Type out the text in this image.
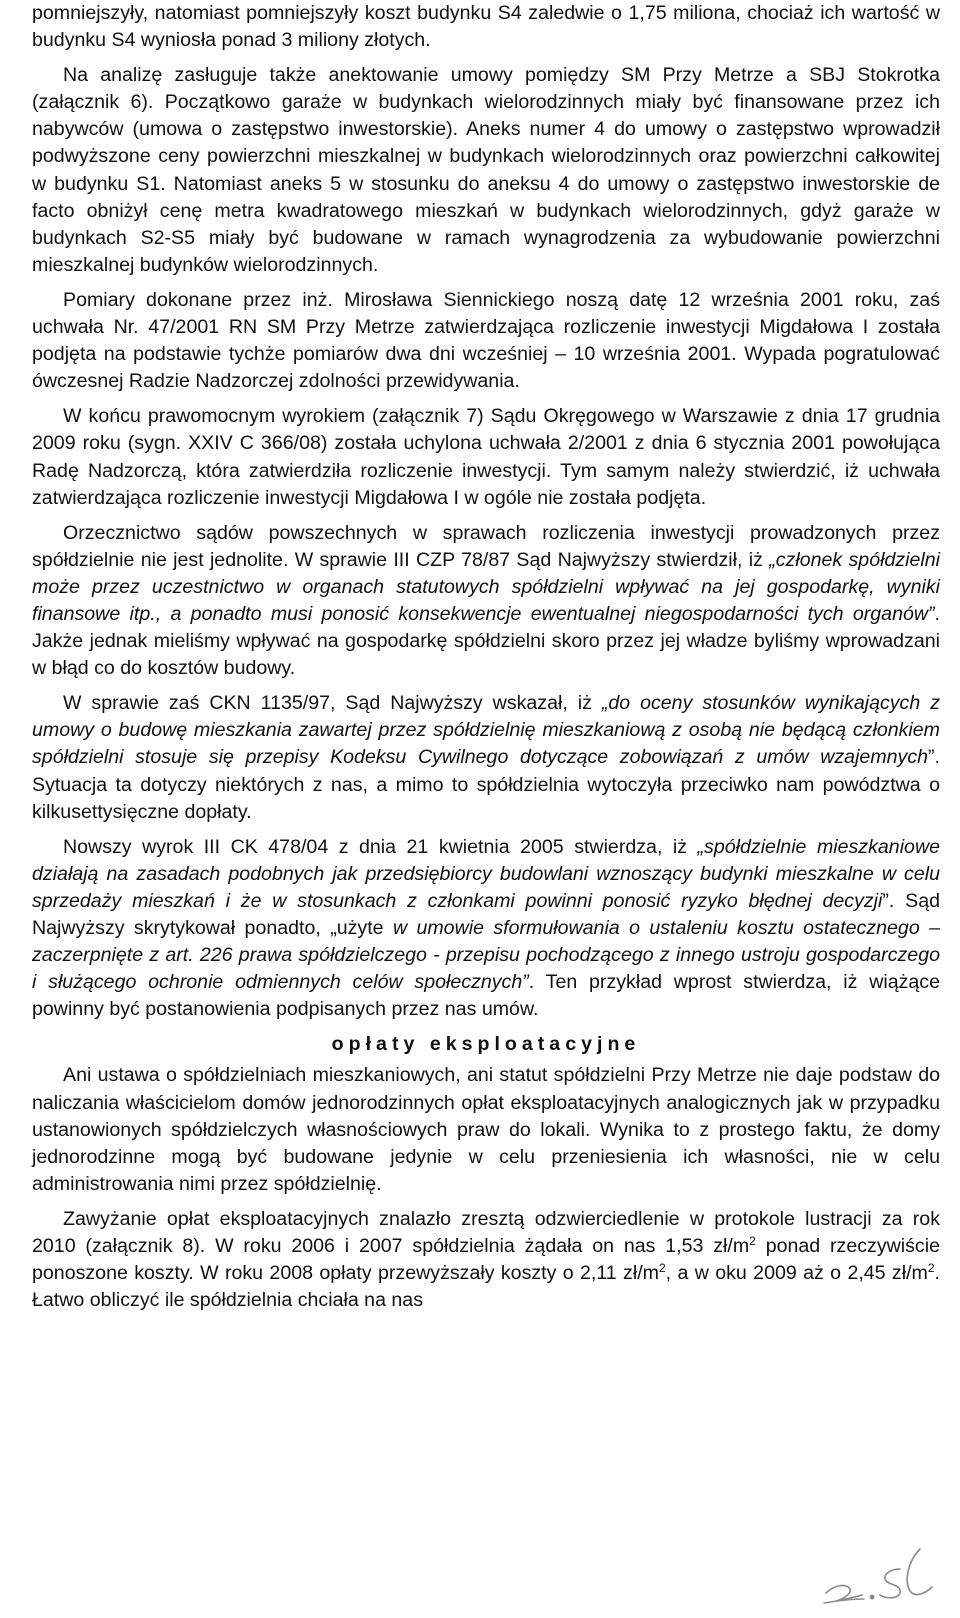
pomniejszyły, natomiast pomniejszyły koszt budynku S4 zaledwie o 1,75 miliona, chociaż ich wartość w budynku S4 wyniosła ponad 3 miliony złotych.

Na analizę zasługuje także anektowanie umowy pomiędzy SM Przy Metrze a SBJ Stokrotka (załącznik 6). Początkowo garaże w budynkach wielorodzinnych miały być finansowane przez ich nabywców (umowa o zastępstwo inwestorskie). Aneks numer 4 do umowy o zastępstwo wprowadził podwyższone ceny powierzchni mieszkalnej w budynkach wielorodzinnych oraz powierzchni całkowitej w budynku S1. Natomiast aneks 5 w stosunku do aneksu 4 do umowy o zastępstwo inwestorskie de facto obniżył cenę metra kwadratowego mieszkań w budynkach wielorodzinnych, gdyż garaże w budynkach S2-S5 miały być budowane w ramach wynagrodzenia za wybudowanie powierzchni mieszkalnej budynków wielorodzinnych.

Pomiary dokonane przez inż. Mirosława Siennickiego noszą datę 12 września 2001 roku, zaś uchwała Nr. 47/2001 RN SM Przy Metrze zatwierdzająca rozliczenie inwestycji Migdałowa I została podjęta na podstawie tychże pomiarów dwa dni wcześniej – 10 września 2001. Wypada pogratulować ówczesnej Radzie Nadzorczej zdolności przewidywania.

W końcu prawomocnym wyrokiem (załącznik 7) Sądu Okręgowego w Warszawie z dnia 17 grudnia 2009 roku (sygn. XXIV C 366/08) została uchylona uchwała 2/2001 z dnia 6 stycznia 2001 powołująca Radę Nadzorczą, która zatwierdziła rozliczenie inwestycji. Tym samym należy stwierdzić, iż uchwała zatwierdzająca rozliczenie inwestycji Migdałowa I w ogóle nie została podjęta.

Orzecznictwo sądów powszechnych w sprawach rozliczenia inwestycji prowadzonych przez spółdzielnie nie jest jednolite. W sprawie III CZP 78/87 Sąd Najwyższy stwierdził, iż „członek spółdzielni może przez uczestnictwo w organach statutowych spółdzielni wpływać na jej gospodarkę, wyniki finansowe itp., a ponadto musi ponosić konsekwencje ewentualnej niegospodarności tych organów”. Jakże jednak mieliśmy wpływać na gospodarkę spółdzielni skoro przez jej władze byliśmy wprowadzani w błąd co do kosztów budowy.

W sprawie zaś CKN 1135/97, Sąd Najwyższy wskazał, iż „do oceny stosunków wynikających z umowy o budowę mieszkania zawartej przez spółdzielnię mieszkaniową z osobą nie będącą członkiem spółdzielni stosuje się przepisy Kodeksu Cywilnego dotyczące zobowiązań z umów wzajemnych”. Sytuacja ta dotyczy niektórych z nas, a mimo to spółdzielnia wytoczyła przeciwko nam powództwa o kilkusettysięczne dopłaty.

Nowszy wyrok III CK 478/04 z dnia 21 kwietnia 2005 stwierdza, iż „spółdzielnie mieszkaniowe działają na zasadach podobnych jak przedsiębiorcy budowlani wznoszący budynki mieszkalne w celu sprzedaży mieszkań i że w stosunkach z członkami powinni ponosić ryzyko błędnej decyzji”. Sąd Najwyższy skrytykował ponadto, „użyte w umowie sformułowania o ustaleniu kosztu ostatecznego – zaczerpnięte z art. 226 prawa spółdzielczego - przepisu pochodzącego z innego ustroju gospodarczego i służącego ochronie odmiennych celów społecznych”. Ten przykład wprost stwierdza, iż wiążące powinny być postanowienia podpisanych przez nas umów.

opłaty eksploatacyjne

Ani ustawa o spółdzielniach mieszkaniowych, ani statut spółdzielni Przy Metrze nie daje podstaw do naliczania właścicielom domów jednorodzinnych opłat eksploatacyjnych analogicznych jak w przypadku ustanowionych spółdzielczych własnościowych praw do lokali. Wynika to z prostego faktu, że domy jednorodzinne mogą być budowane jedynie w celu przeniesienia ich własności, nie w celu administrowania nimi przez spółdzielnię.

Zawyżanie opłat eksploatacyjnych znalazło zresztą odzwierciedlenie w protokole lustracji za rok 2010 (załącznik 8). W roku 2006 i 2007 spółdzielnia żądała on nas 1,53 $zł/m^2$ ponad rzeczywiście ponoszone koszty. W roku 2008 opłaty przewyższały koszty o 2,11 $zł/m^2$, a w oku 2009 aż o 2,45 $zł/m^2$. Łatwo obliczyć ile spółdzielnia chciała na nas
